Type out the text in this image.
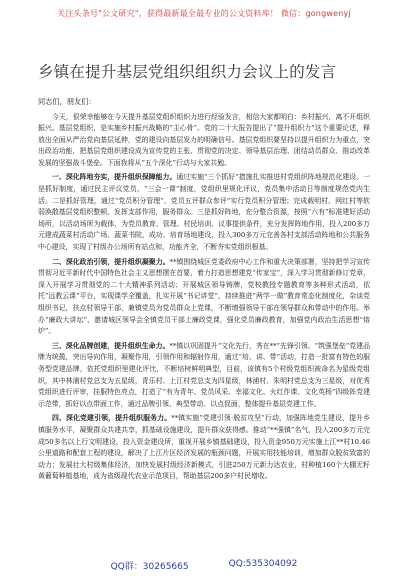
关注头条号"公文研究"，获得最新最全最专业的公文资料库！ 微信：gongwenyj
乡镇在提升基层党组织组织力会议上的发言
同志们，朋友们：

今天，很荣幸能够在今天提升基层党组织组织力进行经验发言，相信大家都明白：乡村振兴，离不开组织振兴。基层党组织，是实施乡村振兴战略的“主心骨”。党的二十大报告提出了“提升组织力”这个重要论述，释放出全面从严治党向基层延伸，党的建设向基层发力的明确信号。基层党组织要坚持以提升组织力为重点，突出政治功能，把基层党组织建设成为宣传党的主张、贯彻党的决定、领导基层治理、团结动员群众、推动改革发展的坚强战斗堡垒。下面我将从“五个深化”行动与大家共勉。

一、深化阵地夯实，提升组织保障能力。通过实施“三个抓好”措施扎实推进村党组织阵地规范化建设。一是抓好制度，通过民主评议党员、“三会一课”制度，党组织里规化评议，党员集中活动日等制度规范党内生活。二是抓好管理，通过“党员积分管理”，党员五评群众参评”实行党员积分管理；完成载明村、网红村等软弱涣散基层党组织整顿，发挥支部作用，服务群众。三是抓好阵地，充分整合资源，按照“六有”标准建好活动场所，以活动场所为载体，为党员教育、管理、村民培训、议事提供条件，充分发挥阵地作用，投入200多万元建成蔬菜村活动广场、蔬菜书院，成功、培育场地建设，投入300多万元完善各村支部活动阵地和公共服务中心建设，实现了村级办公场所有站点和，功能齐全，不断夯实党组织根基。

二、深化政治引领，提升组织凝聚力。**镇围绕城区党委政府中心工作和重大决策部署，坚持把学习宣传贯彻习近平新时代中国特色社会主义思想摆在首要，着力打造思想建党“传家宝”，深入学习贯彻新修订党章，深入开展学习贯彻党的二十大精神系列活动；开展城区领导铸牌，党校教授专题教育等多种形式活动，依托“远教云课”平台，实现课学全覆盖，扎实开展“书记讲堂”，持续推进“两学一做”教育常态化制度化，杂谈党组织书记，扶点村领导干部，兼镇党员为党员群众上党课，不断增强领导干部在领导群众和带动中的作用。举办“廉政大讲坛”，邀请城区领导会全镇党员干部上廉政党课，强化党员廉政教育，加强党内政治生活思想“熔炉”。

三、深化品牌创建，提升组织生命力。**镇以巩固提升“文化先行，秀在**”先锋引领、“筑强堡垒”党建品牌为统揽，突出导向作用，凝聚作用，引领作用和辐射作用，通过“培、讲、带”活动，打造一批富有特色的服务型党建品牌，依托党组织里建化评比，不断培树鲜明典型，目前，该镇有5个村级党组织被命名为星级党组织，其中林浦村党总支为五星级，青乐村、上江村党总支为四星级，林浦村、朱明村党总支为三星级，对优秀党组织进行评审，挂服特色亮点，打造了“有为青年、党员风采、幸福文化、火红作课、文化英杨”四级阵党建示范带，抓好以点带面工作，通过品牌引领、典型带动、以点促面，整体提升基层党建工作。

四、深化党建引领，提升组织服务力。**镇实施“党建引领·脱贫攻坚”行动，加强阵地党生建设，提升乡镇服务水平，凝聚群众共建共享，抓基础设施建设，提升群众获得感。推动“**强镇”名气，投入200多万元完成50多名以上行文明建设，投入资金建设所，重视开展乡镇基础建设，投入资金950万元实施上江**村10.46公里道路和配套工程的建设，解决了上江片区经济发展的瓶颈问题，开展实用技能培训，增加群众脱贫致富的动力；发展壮大村级集体经济，加快发展村级经济新模式，引进250万元新力达农业，村种植160个大棚无籽黄葡萄种植基地，成为省级现代农业示范项目，帮助基层200多户村民增收。

QQ群：30265665	QQ:535304092
